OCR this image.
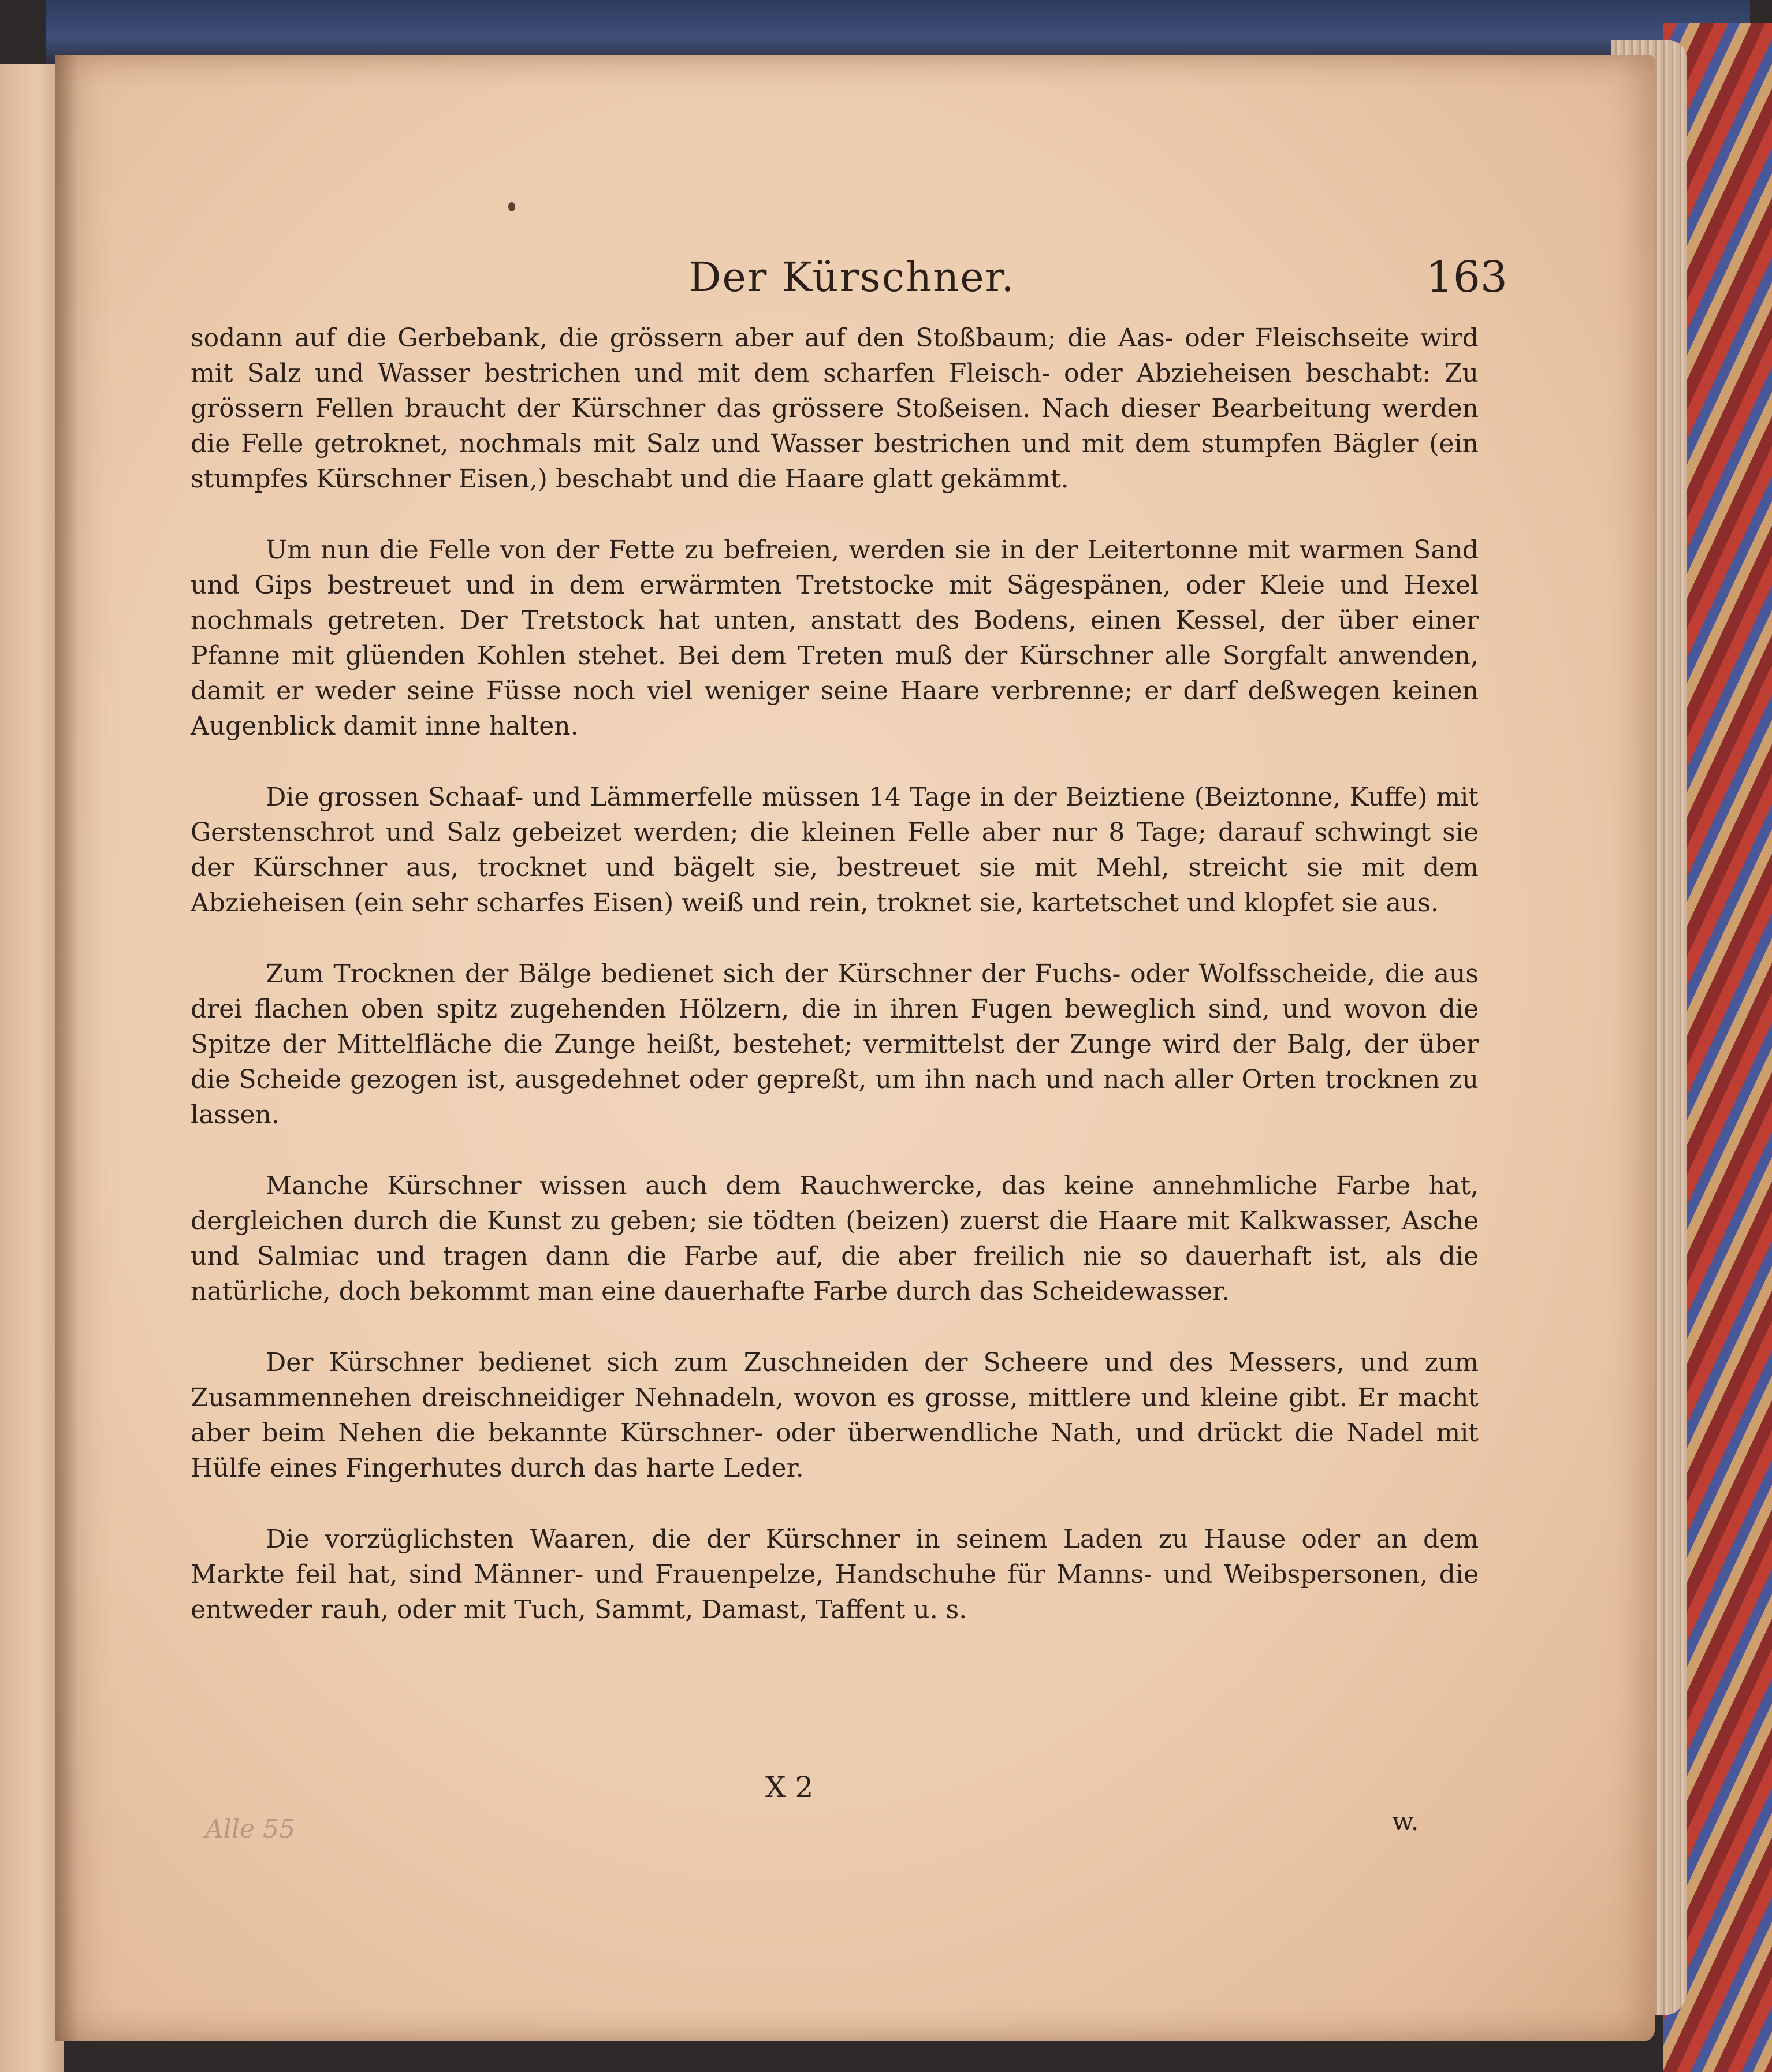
Der Kürschner.	163

sodann auf die Gerbebank, die grössern aber auf den Stoßbaum; die Aas- oder Fleischseite wird mit Salz und Wasser bestrichen und mit dem scharfen Fleisch- oder Abzieheisen beschabt: Zu grössern Fellen braucht der Kürschner das grössere Stoßeisen. Nach dieser Bearbeitung werden die Felle getroknet, nochmals mit Salz und Wasser bestrichen und mit dem stumpfen Bägler (ein stumpfes Kürschner Eisen,) beschabt und die Haare glatt gekämmt.

Um nun die Felle von der Fette zu befreien, werden sie in der Leitertonne mit warmen Sand und Gips bestreuet und in dem erwärmten Tretstocke mit Sägespänen, oder Kleie und Hexel nochmals getreten. Der Tretstock hat unten, anstatt des Bodens, einen Kessel, der über einer Pfanne mit glüenden Kohlen stehet. Bei dem Treten muß der Kürschner alle Sorgfalt anwenden, damit er weder seine Füsse noch viel weniger seine Haare verbrenne; er darf deßwegen keinen Augenblick damit inne halten.

Die grossen Schaaf- und Lämmerfelle müssen 14 Tage in der Beiztiene (Beiztonne, Kuffe) mit Gerstenschrot und Salz gebeizet werden; die kleinen Felle aber nur 8 Tage; darauf schwingt sie der Kürschner aus, trocknet und bägelt sie, bestreuet sie mit Mehl, streicht sie mit dem Abzieheisen (ein sehr scharfes Eisen) weiß und rein, troknet sie, kartetschet und klopfet sie aus.

Zum Trocknen der Bälge bedienet sich der Kürschner der Fuchs- oder Wolfsscheide, die aus drei flachen oben spitz zugehenden Hölzern, die in ihren Fugen beweglich sind, und wovon die Spitze der Mittelfläche die Zunge heißt, bestehet; vermittelst der Zunge wird der Balg, der über die Scheide gezogen ist, ausgedehnet oder gepreßt, um ihn nach und nach aller Orten trocknen zu lassen.

Manche Kürschner wissen auch dem Rauchwercke, das keine annehmliche Farbe hat, dergleichen durch die Kunst zu geben; sie tödten (beizen) zuerst die Haare mit Kalkwasser, Asche und Salmiac und tragen dann die Farbe auf, die aber freilich nie so dauerhaft ist, als die natürliche, doch bekommt man eine dauerhafte Farbe durch das Scheidewasser.

Der Kürschner bedienet sich zum Zuschneiden der Scheere und des Messers, und zum Zusammennehen dreischneidiger Nehnadeln, wovon es grosse, mittlere und kleine gibt. Er macht aber beim Nehen die bekannte Kürschner- oder überwendliche Nath, und drückt die Nadel mit Hülfe eines Fingerhutes durch das harte Leder.

Die vorzüglichsten Waaren, die der Kürschner in seinem Laden zu Hause oder an dem Markte feil hat, sind Männer- und Frauenpelze, Handschuhe für Manns- und Weibspersonen, die entweder rauh, oder mit Tuch, Sammt, Damast, Taffent u. s.

X 2
w.
Alle 55
